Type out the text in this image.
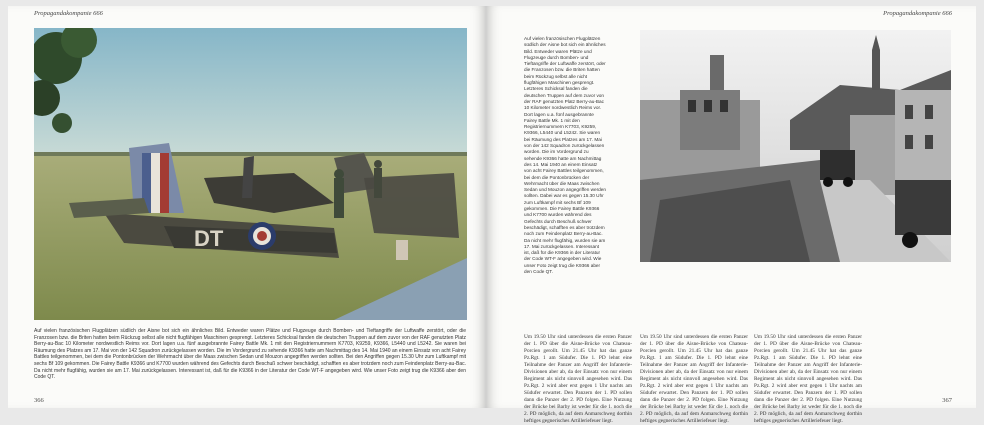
Propagandakompanie 666
DT
Auf vielen französischen Flugplätzen südlich der Aisne bot sich ein ähnliches Bild. Entweder waren Plätze und Flugzeuge durch Bomben- und Tieftangriffe der Luftwaffe zerstört, oder die Franzosen bzw. die Briten hatten beim Rückzug selbst alle nicht flugfähigen Maschinen gesprengt. Letzteres Schicksal fanden die deutschen Truppen auf dem zuvor von der RAF genutzten Platz Berry-au-Bac 10 Kilometer nordwestlich Reims vor. Dort lagen u.a. fünf ausgebrannte Fairey Battle Mk. 1 mit den Registriernummern K7703, K9259, K9366, L5440 und L5242. Sie waren bei Räumung des Platzes am 17. Mai von der 142 Squadron zurückgelassen worden. Die im Vordergrund zu sehende K9366 hatte am Nachmittag des 14. Mai 1940 an einem Einsatz von acht Fairey Battles teilgenommen, bei dem die Pontonbrücken der Wehrmacht über die Maas zwischen Sedan und Mouzon angegriffen werden sollten. Bei den Angriffen gegen 15.30 Uhr zum Luftkampf mit sechs Bf 109 gekommen. Die Fairey Battle K9366 und K7700 wurden während des Gefechts durch Beschuß schwer beschädigt, schafften es aber trotzdem noch zum Feindenplatz Berry-au-Bac. Da nicht mehr flugfähig, wurden sie am 17. Mai zurückgelassen. Interessant ist, daß für die K9366 in der Literatur der Code WT-F angegeben wird. Wie unser Foto zeigt trug die K9366 aber den Code QT.
366
Propagandakompanie 666
Auf vielen französischen Flugplätzen südlich der Aisne bot sich ein ähnliches Bild. Entweder waren Plätze und Flugzeuge durch Bomben- und Tieftangriffe der Luftwaffe zerstört, oder die Franzosen bzw. die Briten hatten beim Rückzug selbst alle nicht flugfähigen Maschinen gesprengt. Letzteres Schicksal fanden die deutschen Truppen auf dem zuvor von der RAF genutzten Platz Berry-au-Bac 10 Kilometer nordwestlich Reims vor. Dort lagen u.a. fünf ausgebrannte Fairey Battle Mk. 1 mit den Registriernummern K7703, K9259, K9366, L5440 und L5242. Sie waren bei Räumung des Platzes am 17. Mai von der 142 Squadron zurückgelassen worden. Die im Vordergrund zu sehende K9366 hatte am Nachmittag des 14. Mai 1940 an einem Einsatz von acht Fairey Battles teilgenommen, bei dem die Pontonbrücken der Wehrmacht über die Maas zwischen Sedan und Mouzon angegriffen werden sollten. Dabei war es gegen 15.30 Uhr zum Luftkampf mit sechs Bf 109 gekommen. Die Fairey Battle K9366 und K7700 wurden während des Gefechts durch Beschuß schwer beschädigt, schafften es aber trotzdem noch zum Feindenplatz Berry-au-Bac. Da nicht mehr flugfähig, wurden sie am 17. Mai zurückgelassen. Interessant ist, daß für die K9366 in der Literatur der Code WT-F angegeben wird. Wie unser Foto zeigt trug die K9366 aber den Code QT.
Um 19.50 Uhr sind unterdessen die ersten Panzer der 1. PD über die Aisne-Brücke von Chateau-Porcien gerollt. Um 21.45 Uhr hat das ganze Pz.Rgt. 1 am Südufer. Die 1. PD lehnt eine Teilnahme der Panzer am Angriff der Infanterie-Divisionen aber ab, da der Einsatz von nur einem Regiment als nicht sinnvoll angesehen wird. Das Pz.Rgt. 2 wird aber erst gegen 1 Uhr nachts am Südufer erwartet. Den Panzern der 1. PD sollen dann die Panzer der 2. PD folgen. Eine Nutzung der Brücke bei Barby ist weder für die 1. noch die 2. PD möglich, da auf dem Anmarschweg dorthin heftiges gegnerisches Artilleriefeuer liegt.
Um 19.50 Uhr sind unterdessen die ersten Panzer der 1. PD über die Aisne-Brücke von Chateau-Porcien gerollt. Um 21.45 Uhr hat das ganze Pz.Rgt. 1 am Südufer. Die 1. PD lehnt eine Teilnahme der Panzer am Angriff der Infanterie-Divisionen aber ab, da der Einsatz von nur einem Regiment als nicht sinnvoll angesehen wird. Das Pz.Rgt. 2 wird aber erst gegen 1 Uhr nachts am Südufer erwartet. Den Panzern der 1. PD sollen dann die Panzer der 2. PD folgen. Eine Nutzung der Brücke bei Barby ist weder für die 1. noch die 2. PD möglich, da auf dem Anmarschweg dorthin heftiges gegnerisches Artilleriefeuer liegt.
Um 19.50 Uhr sind unterdessen die ersten Panzer der 1. PD über die Aisne-Brücke von Chateau-Porcien gerollt. Um 21.45 Uhr hat das ganze Pz.Rgt. 1 am Südufer. Die 1. PD lehnt eine Teilnahme der Panzer am Angriff der Infanterie-Divisionen aber ab, da der Einsatz von nur einem Regiment als nicht sinnvoll angesehen wird. Das Pz.Rgt. 2 wird aber erst gegen 1 Uhr nachts am Südufer erwartet. Den Panzern der 1. PD sollen dann die Panzer der 2. PD folgen. Eine Nutzung der Brücke bei Barby ist weder für die 1. noch die 2. PD möglich, da auf dem Anmarschweg dorthin heftiges gegnerisches Artilleriefeuer liegt.
367
